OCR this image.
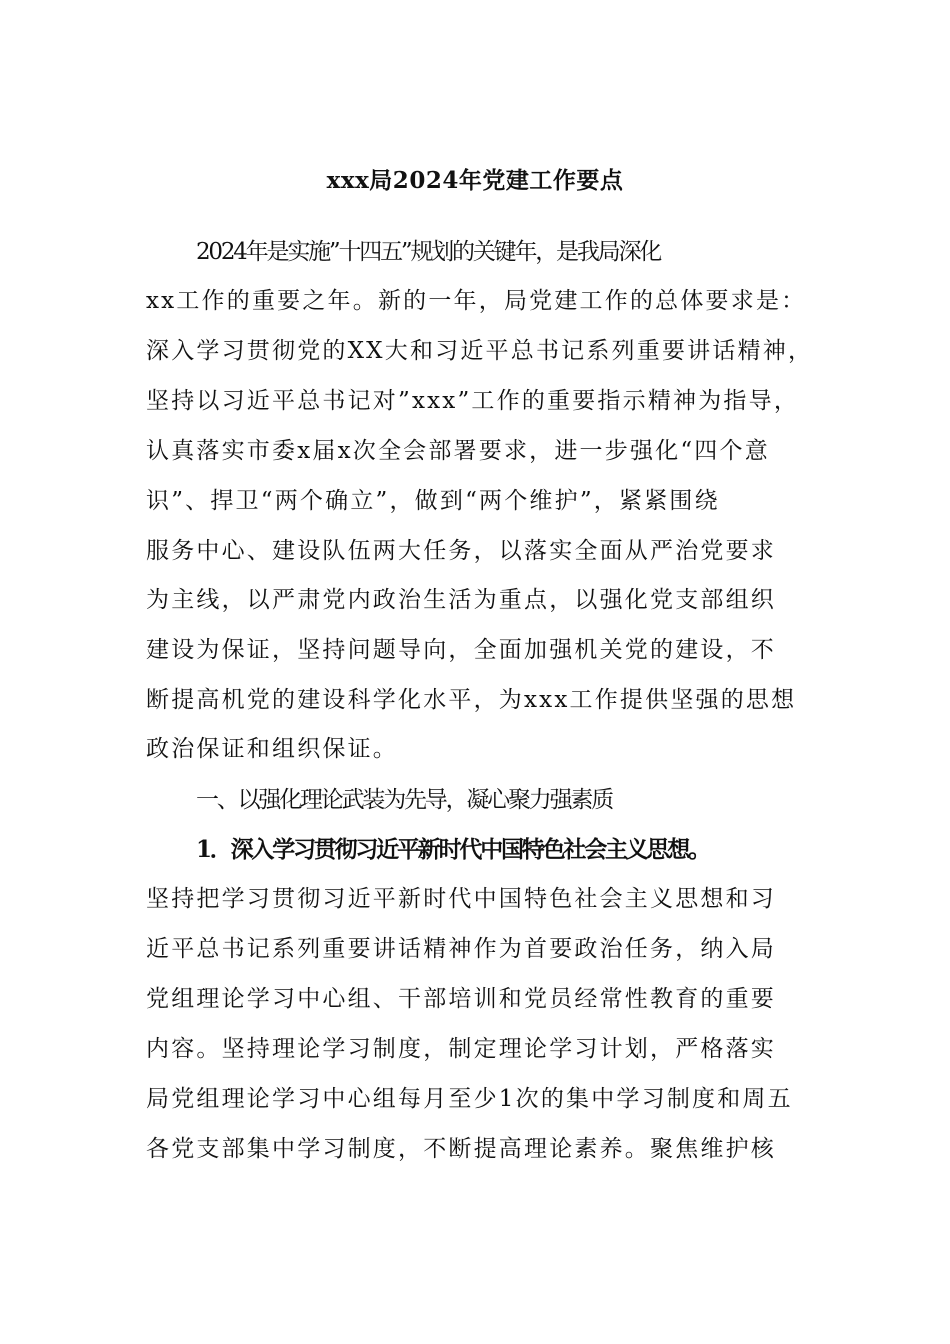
xxx局2024年党建工作要点
2024年是实施”十四五”规划的关键年，是我局深化
xx工作的重要之年。新的一年，局党建工作的总体要求是：
深入学习贯彻党的XX大和习近平总书记系列重要讲话精神，
坚持以习近平总书记对”xxx”工作的重要指示精神为指导，
认真落实市委x届x次全会部署要求，进一步强化“四个意
识”、捍卫“两个确立”，做到“两个维护”，紧紧围绕
服务中心、建设队伍两大任务，以落实全面从严治党要求
为主线，以严肃党内政治生活为重点，以强化党支部组织
建设为保证，坚持问题导向，全面加强机关党的建设，不
断提高机党的建设科学化水平，为xxx工作提供坚强的思想
政治保证和组织保证。
一、以强化理论武装为先导，凝心聚力强素质
1．深入学习贯彻习近平新时代中国特色社会主义思想。
坚持把学习贯彻习近平新时代中国特色社会主义思想和习
近平总书记系列重要讲话精神作为首要政治任务，纳入局
党组理论学习中心组、干部培训和党员经常性教育的重要
内容。坚持理论学习制度，制定理论学习计划，严格落实
局党组理论学习中心组每月至少1次的集中学习制度和周五
各党支部集中学习制度，不断提高理论素养。聚焦维护核
